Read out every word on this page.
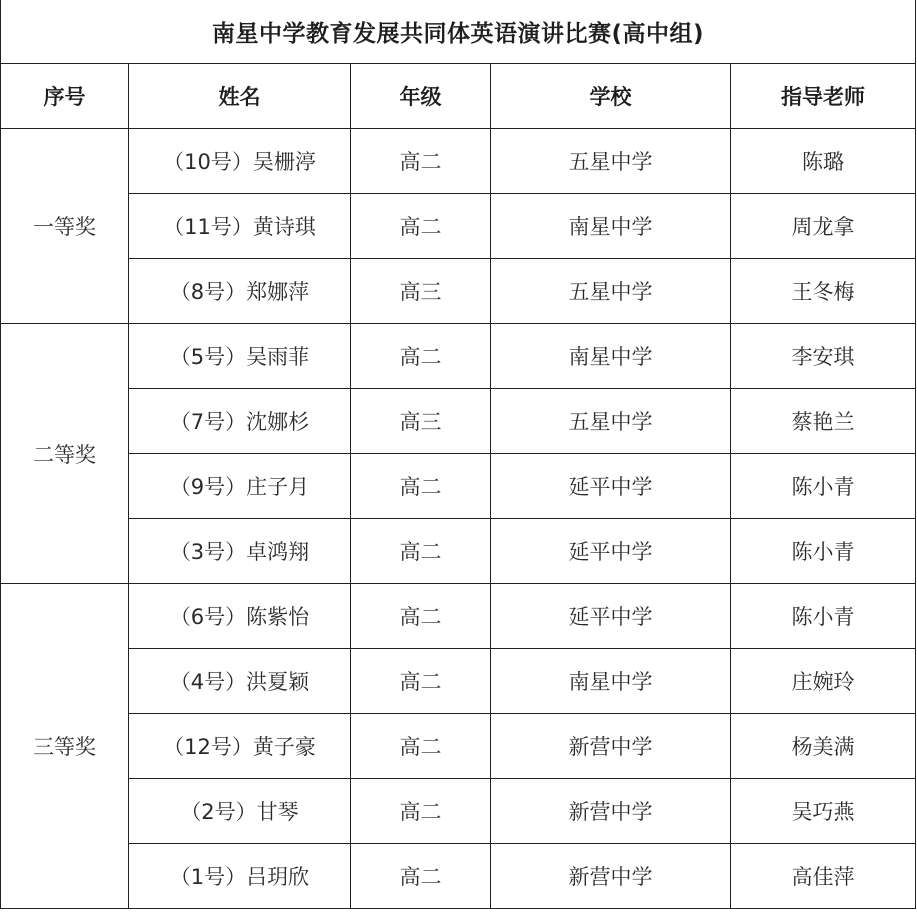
南星中学教育发展共同体英语演讲比赛(高中组)				
序号	姓名	年级	学校	指导老师
一等奖	（10号）吴栅渟	高二	五星中学	陈璐
	（11号）黄诗琪	高二	南星中学	周龙拿
	（8号）郑娜萍	高三	五星中学	王冬梅
二等奖	（5号）吴雨菲	高二	南星中学	李安琪
	（7号）沈娜杉	高三	五星中学	蔡艳兰
	（9号）庄子月	高二	延平中学	陈小青
	（3号）卓鸿翔	高二	延平中学	陈小青
三等奖	（6号）陈紫怡	高二	延平中学	陈小青
	（4号）洪夏颖	高二	南星中学	庄婉玲
	（12号）黄子豪	高二	新营中学	杨美满
	（2号）甘琴	高二	新营中学	吴巧燕
	（1号）吕玥欣	高二	新营中学	高佳萍
